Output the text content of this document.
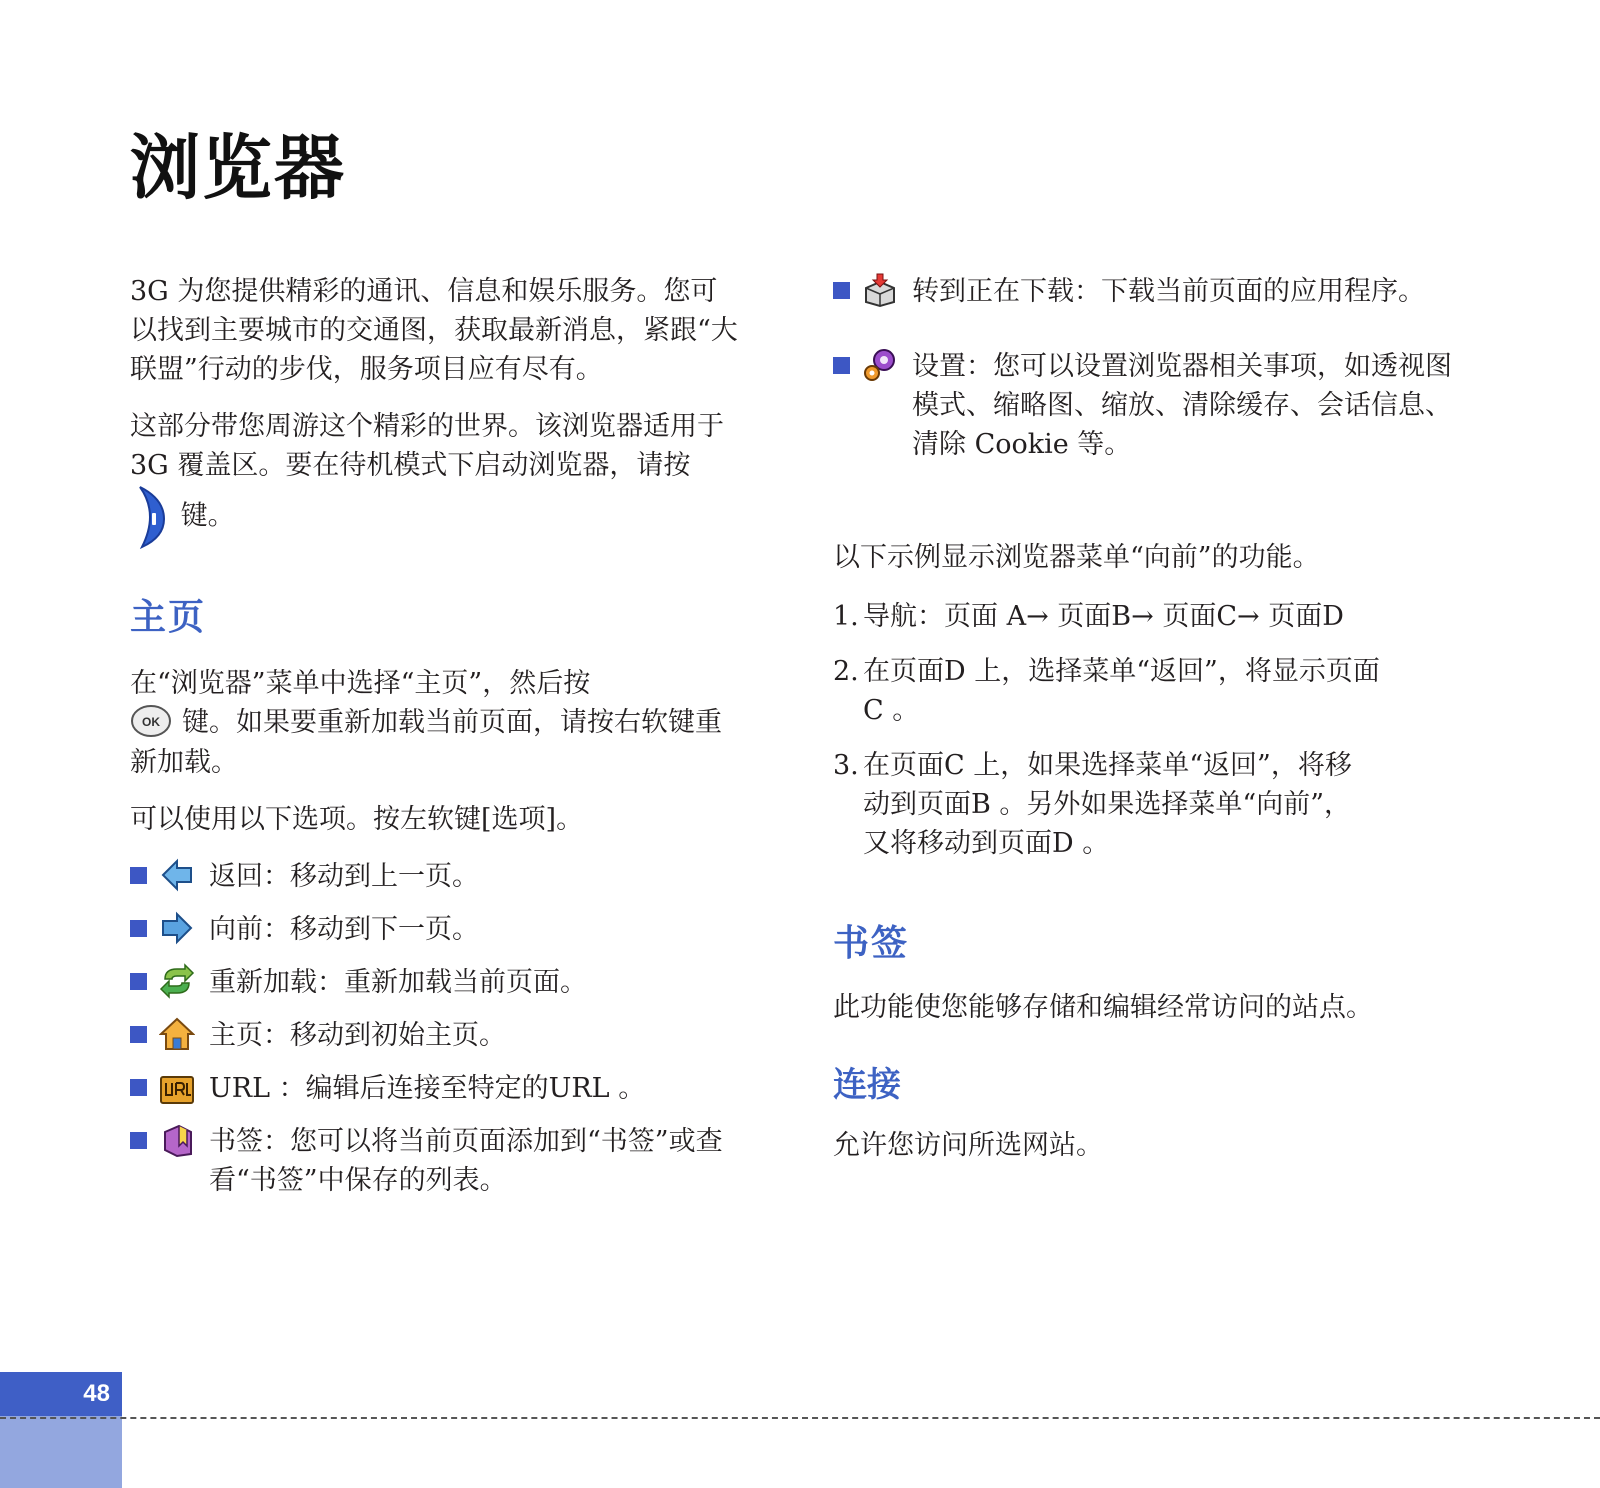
浏览器

3G 为您提供精彩的通讯、信息和娱乐服务。您可以找到主要城市的交通图，获取最新消息，紧跟“大联盟”行动的步伐，服务项目应有尽有。

这部分带您周游这个精彩的世界。该浏览器适用于3G 覆盖区。要在待机模式下启动浏览器，请按  键。

主页

在“浏览器”菜单中选择“主页”，然后按

OK 键。如果要重新加载当前页面，请按右软键重新加载。

可以使用以下选项。按左软键[选项]。

返回：移动到上一页。
向前：移动到下一页。
重新加载：重新加载当前页面。
主页：移动到初始主页。
URL ：编辑后连接至特定的URL 。
书签：您可以将当前页面添加到“书签”或查看“书签”中保存的列表。
转到正在下载：下载当前页面的应用程序。
设置：您可以设置浏览器相关事项，如透视图模式、缩略图、缩放、清除缓存、会话信息、清除 Cookie 等。

以下示例显示浏览器菜单“向前”的功能。

1. 导航：页面 A→ 页面B→ 页面C→ 页面D
2. 在页面D 上，选择菜单“返回”，将显示页面C 。
3. 在页面C 上，如果选择菜单“返回”，将移动到页面B 。另外如果选择菜单“向前”，又将移动到页面D 。
书签

此功能使您能够存储和编辑经常访问的站点。

连接

允许您访问所选网站。

48
